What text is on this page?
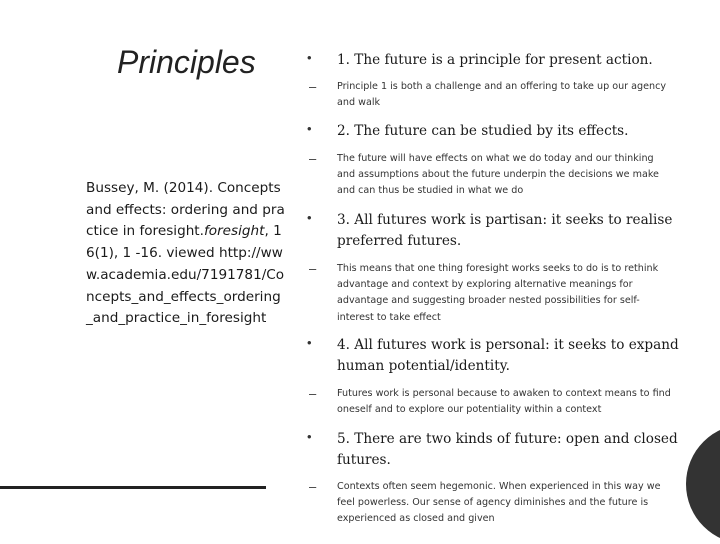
Principles
Bussey, M. (2014). Concepts and effects: ordering and practice in foresight.foresight, 16(1), 1 -16. viewed http://www.academia.edu/7191781/Concepts_and_effects_ordering_and_practice_in_foresight
• 1. The future is a principle for present action.
– Principle 1 is both a challenge and an offering to take up our agency and walk
• 2. The future can be studied by its effects.
– The future will have effects on what we do today and our thinking and assumptions about the future underpin the decisions we make and can thus be studied in what we do
• 3. All futures work is partisan: it seeks to realise preferred futures.
– This means that one thing foresight works seeks to do is to rethink advantage and context by exploring alternative meanings for advantage and suggesting broader nested possibilities for self-interest to take effect
• 4. All futures work is personal: it seeks to expand human potential/identity.
– Futures work is personal because to awaken to context means to find oneself and to explore our potentiality within a context
• 5. There are two kinds of future: open and closed futures.
– Contexts often seem hegemonic. When experienced in this way we feel powerless. Our sense of agency diminishes and the future is experienced as closed and given
